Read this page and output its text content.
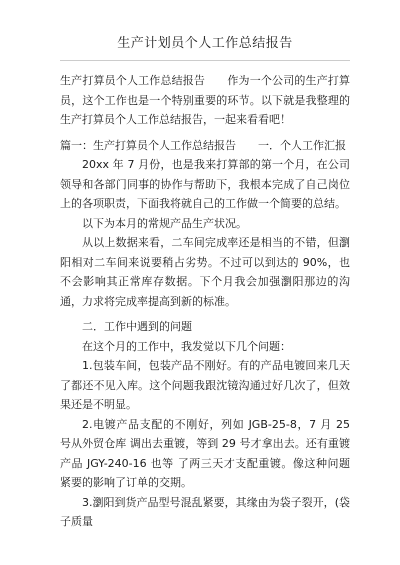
生产计划员个人工作总结报告

生产打算员个人工作总结报告　　作为一个公司的生产打算员，这个工作也是一个特别重要的环节。以下就是我整理的生产打算员个人工作总结报告，一起来看看吧！

篇一：生产打算员个人工作总结报告　　一．个人工作汇报

20xx 年 7 月份，也是我来打算部的第一个月，在公司领导和各部门同事的协作与帮助下，我根本完成了自己岗位上的各项职责，下面我将就自己的工作做一个简要的总结。

以下为本月的常规产品生产状况。

从以上数据来看，二车间完成率还是相当的不错，但瀏阳相对二车间来说要稍占劣势。不过可以到达的 90%，也不会影响其正常库存数据。下个月我会加强瀏阳那边的沟通，力求将完成率提高到新的标准。

二．工作中遇到的问题

在这个月的工作中，我发觉以下几个问题：

1.包装车间，包装产品不刚好。有的产品电镀回来几天了都还不见入库。这个问题我跟沈镜沟通过好几次了，但效果还是不明显。

2.电镀产品支配的不刚好，列如 JGB-25-8，7 月 25 号从外贸仓库 调出去重镀，等到 29 号才拿出去。还有重镀产品 JGY-240-16 也等 了两三天才支配重镀。像这种问题紧要的影响了订单的交期。

3.瀏阳到货产品型号混乱紧要，其缘由为袋子裂开，(袋子质量
